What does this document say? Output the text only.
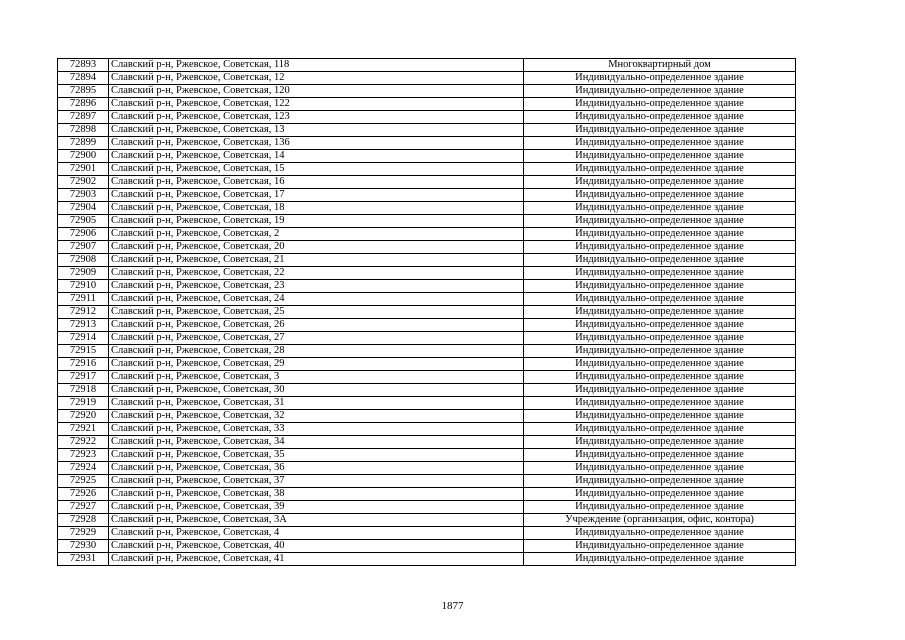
72893	Славский р-н, Ржевское, Советская, 118	Многоквартирный дом
72894	Славский р-н, Ржевское, Советская, 12	Индивидуально-определенное здание
72895	Славский р-н, Ржевское, Советская, 120	Индивидуально-определенное здание
72896	Славский р-н, Ржевское, Советская, 122	Индивидуально-определенное здание
72897	Славский р-н, Ржевское, Советская, 123	Индивидуально-определенное здание
72898	Славский р-н, Ржевское, Советская, 13	Индивидуально-определенное здание
72899	Славский р-н, Ржевское, Советская, 136	Индивидуально-определенное здание
72900	Славский р-н, Ржевское, Советская, 14	Индивидуально-определенное здание
72901	Славский р-н, Ржевское, Советская, 15	Индивидуально-определенное здание
72902	Славский р-н, Ржевское, Советская, 16	Индивидуально-определенное здание
72903	Славский р-н, Ржевское, Советская, 17	Индивидуально-определенное здание
72904	Славский р-н, Ржевское, Советская, 18	Индивидуально-определенное здание
72905	Славский р-н, Ржевское, Советская, 19	Индивидуально-определенное здание
72906	Славский р-н, Ржевское, Советская, 2	Индивидуально-определенное здание
72907	Славский р-н, Ржевское, Советская, 20	Индивидуально-определенное здание
72908	Славский р-н, Ржевское, Советская, 21	Индивидуально-определенное здание
72909	Славский р-н, Ржевское, Советская, 22	Индивидуально-определенное здание
72910	Славский р-н, Ржевское, Советская, 23	Индивидуально-определенное здание
72911	Славский р-н, Ржевское, Советская, 24	Индивидуально-определенное здание
72912	Славский р-н, Ржевское, Советская, 25	Индивидуально-определенное здание
72913	Славский р-н, Ржевское, Советская, 26	Индивидуально-определенное здание
72914	Славский р-н, Ржевское, Советская, 27	Индивидуально-определенное здание
72915	Славский р-н, Ржевское, Советская, 28	Индивидуально-определенное здание
72916	Славский р-н, Ржевское, Советская, 29	Индивидуально-определенное здание
72917	Славский р-н, Ржевское, Советская, 3	Индивидуально-определенное здание
72918	Славский р-н, Ржевское, Советская, 30	Индивидуально-определенное здание
72919	Славский р-н, Ржевское, Советская, 31	Индивидуально-определенное здание
72920	Славский р-н, Ржевское, Советская, 32	Индивидуально-определенное здание
72921	Славский р-н, Ржевское, Советская, 33	Индивидуально-определенное здание
72922	Славский р-н, Ржевское, Советская, 34	Индивидуально-определенное здание
72923	Славский р-н, Ржевское, Советская, 35	Индивидуально-определенное здание
72924	Славский р-н, Ржевское, Советская, 36	Индивидуально-определенное здание
72925	Славский р-н, Ржевское, Советская, 37	Индивидуально-определенное здание
72926	Славский р-н, Ржевское, Советская, 38	Индивидуально-определенное здание
72927	Славский р-н, Ржевское, Советская, 39	Индивидуально-определенное здание
72928	Славский р-н, Ржевское, Советская, 3А	Учреждение (организация, офис, контора)
72929	Славский р-н, Ржевское, Советская, 4	Индивидуально-определенное здание
72930	Славский р-н, Ржевское, Советская, 40	Индивидуально-определенное здание
72931	Славский р-н, Ржевское, Советская, 41	Индивидуально-определенное здание
1877
